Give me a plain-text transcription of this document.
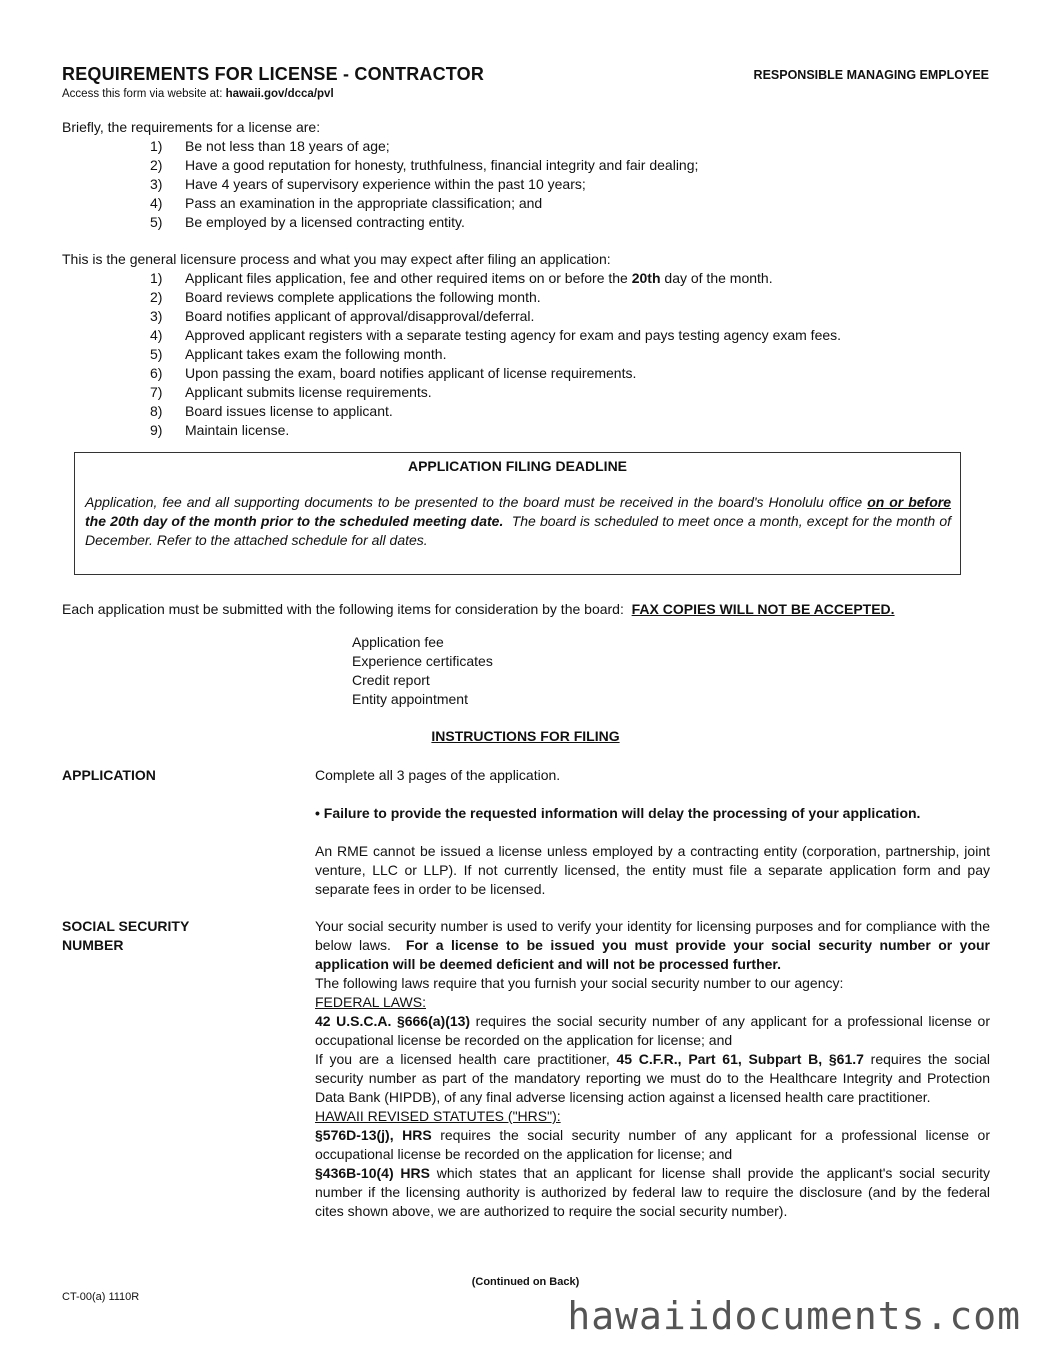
REQUIREMENTS FOR LICENSE - CONTRACTOR	RESPONSIBLE MANAGING EMPLOYEE
Access this form via website at: hawaii.gov/dcca/pvl
Briefly, the requirements for a license are:
1)	Be not less than 18 years of age;
2)	Have a good reputation for honesty, truthfulness, financial integrity and fair dealing;
3)	Have 4 years of supervisory experience within the past 10 years;
4)	Pass an examination in the appropriate classification; and
5)	Be employed by a licensed contracting entity.
This is the general licensure process and what you may expect after filing an application:
1)	Applicant files application, fee and other required items on or before the 20th day of the month.
2)	Board reviews complete applications the following month.
3)	Board notifies applicant of approval/disapproval/deferral.
4)	Approved applicant registers with a separate testing agency for exam and pays testing agency exam fees.
5)	Applicant takes exam the following month.
6)	Upon passing the exam, board notifies applicant of license requirements.
7)	Applicant submits license requirements.
8)	Board issues license to applicant.
9)	Maintain license.
APPLICATION FILING DEADLINE
Application, fee and all supporting documents to be presented to the board must be received in the board's Honolulu office on or before the 20th day of the month prior to the scheduled meeting date. The board is scheduled to meet once a month, except for the month of December. Refer to the attached schedule for all dates.
Each application must be submitted with the following items for consideration by the board: FAX COPIES WILL NOT BE ACCEPTED.
Application fee
Experience certificates
Credit report
Entity appointment
INSTRUCTIONS FOR FILING
APPLICATION	Complete all 3 pages of the application.
• Failure to provide the requested information will delay the processing of your application.
An RME cannot be issued a license unless employed by a contracting entity (corporation, partnership, joint venture, LLC or LLP). If not currently licensed, the entity must file a separate application form and pay separate fees in order to be licensed.
SOCIAL SECURITY
NUMBER
Your social security number is used to verify your identity for licensing purposes and for compliance with the below laws. For a license to be issued you must provide your social security number or your application will be deemed deficient and will not be processed further.
The following laws require that you furnish your social security number to our agency:
FEDERAL LAWS:
42 U.S.C.A. §666(a)(13) requires the social security number of any applicant for a professional license or occupational license be recorded on the application for license; and
If you are a licensed health care practitioner, 45 C.F.R., Part 61, Subpart B, §61.7 requires the social security number as part of the mandatory reporting we must do to the Healthcare Integrity and Protection Data Bank (HIPDB), of any final adverse licensing action against a licensed health care practitioner.
HAWAII REVISED STATUTES ("HRS"):
§576D-13(j), HRS requires the social security number of any applicant for a professional license or occupational license be recorded on the application for license; and
§436B-10(4) HRS which states that an applicant for license shall provide the applicant's social security number if the licensing authority is authorized by federal law to require the disclosure (and by the federal cites shown above, we are authorized to require the social security number).
(Continued on Back)
CT-00(a) 1110R	hawaiidocuments.com
